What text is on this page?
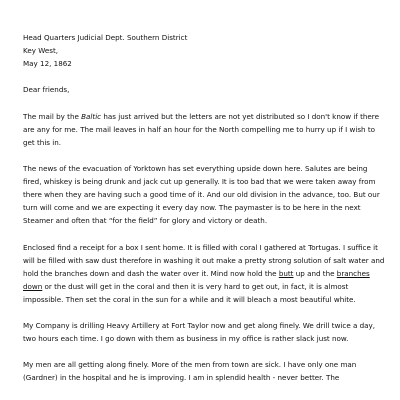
Head Quarters Judicial Dept. Southern District
Key West,
May 12, 1862

Dear friends,

The mail by the Baltic has just arrived but the letters are not yet distributed so I don't know if there are any for me. The mail leaves in half an hour for the North compelling me to hurry up if I wish to get this in.

The news of the evacuation of Yorktown has set everything upside down here. Salutes are being fired, whiskey is being drunk and jack cut up generally. It is too bad that we were taken away from there when they are having such a good time of it. And our old division in the advance, too. But our turn will come and we are expecting it every day now. The paymaster is to be here in the next Steamer and often that “for the field” for glory and victory or death.

Enclosed find a receipt for a box I sent home. It is filled with coral I gathered at Tortugas. I suffice it will be filled with saw dust therefore in washing it out make a pretty strong solution of salt water and hold the branches down and dash the water over it. Mind now hold the butt up and the branches down or the dust will get in the coral and then it is very hard to get out, in fact, it is almost impossible. Then set the coral in the sun for a while and it will bleach a most beautiful white.

My Company is drilling Heavy Artillery at Fort Taylor now and get along finely. We drill twice a day, two hours each time. I go down with them as business in my office is rather slack just now.

My men are all getting along finely. More of the men from town are sick. I have only one man (Gardner) in the hospital and he is improving. I am in splendid health - never better. The
